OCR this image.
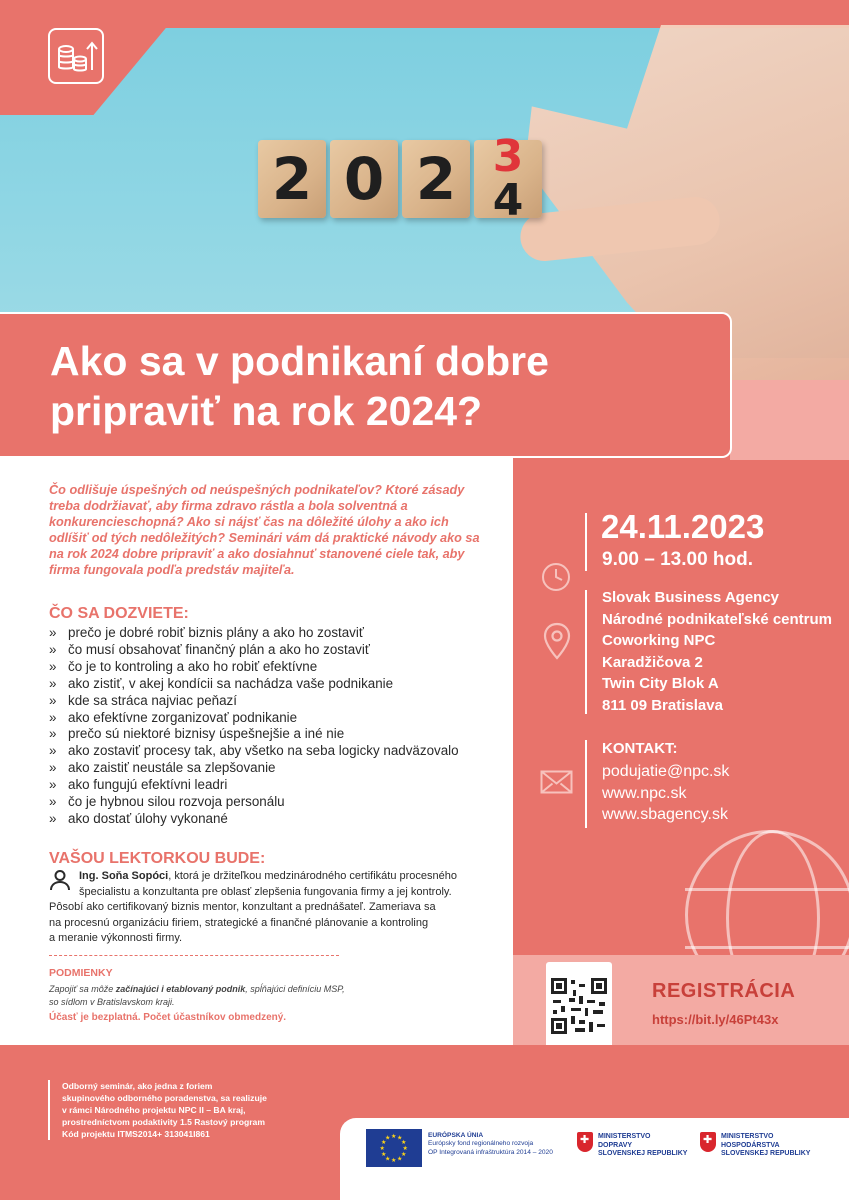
2 0 2 3
4
Ako sa v podnikaní dobre
pripraviť na rok 2024?
24.11.2023
9.00 – 13.00 hod.
Slovak Business Agency
Národné podnikateľské centrum
Coworking NPC
Karadžičova 2
Twin City Blok A
811 09 Bratislava
KONTAKT:
podujatie@npc.sk
www.npc.sk
www.sbagency.sk

Čo odlišuje úspešných od neúspešných podnikateľov? Ktoré zásady treba dodržiavať, aby firma zdravo rástla a bola solventná a konkurencieschopná? Ako si nájsť čas na dôležité úlohy a ako ich odlíšiť od tých nedôležitých? Seminári vám dá praktické návody ako sa na rok 2024 dobre pripraviť a ako dosiahnuť stanovené ciele tak, aby firma fungovala podľa predstáv majiteľa.

ČO SA DOZVIETE:
» prečo je dobré robiť biznis plány a ako ho zostaviť
» čo musí obsahovať finančný plán a ako ho zostaviť
» čo je to kontroling a ako ho robiť efektívne
» ako zistiť, v akej kondícii sa nachádza vaše podnikanie
» kde sa stráca najviac peňazí
» ako efektívne zorganizovať podnikanie
» prečo sú niektoré biznisy úspešnejšie a iné nie
» ako zostaviť procesy tak, aby všetko na seba logicky nadväzovalo
» ako zaistiť neustále sa zlepšovanie
» ako fungujú efektívni leadri
» čo je hybnou silou rozvoja personálu
» ako dostať úlohy vykonané
VAŠOU LEKTORKOU BUDE:
Ing. Soňa Sopóci, ktorá je držiteľkou medzinárodného certifikátu procesného
špecialistu a konzultanta pre oblasť zlepšenia fungovania firmy a jej kontroly.
Pôsobí ako certifikovaný biznis mentor, konzultant a prednášateľ. Zameriava sa
na procesnú organizáciu firiem, strategické a finančné plánovanie a kontroling
a meranie výkonnosti firmy.
PODMIENKY
Zapojiť sa môže začínajúci i etablovaný podnik, spĺňajúci definíciu MSP,
so sídlom v Bratislavskom kraji.
Účasť je bezplatná. Počet účastníkov obmedzený.
REGISTRÁCIA
https://bit.ly/46Pt43x
Odborný seminár, ako jedna z foriem
skupinového odborného poradenstva, sa realizuje
v rámci Národného projektu NPC II – BA kraj,
prostredníctvom podaktivity 1.5 Rastový program
Kód projektu ITMS2014+ 313041I861	★ ★
★
★
★
★
★
★
★
★
★
★	EURÓPSKA ÚNIA
Európsky fond regionálneho rozvoja
OP Integrovaná infraštruktúra 2014 – 2020
✚
MINISTERSTVO
DOPRAVY
SLOVENSKEJ REPUBLIKY
✚
MINISTERSTVO
HOSPODÁRSTVA
SLOVENSKEJ REPUBLIKY
